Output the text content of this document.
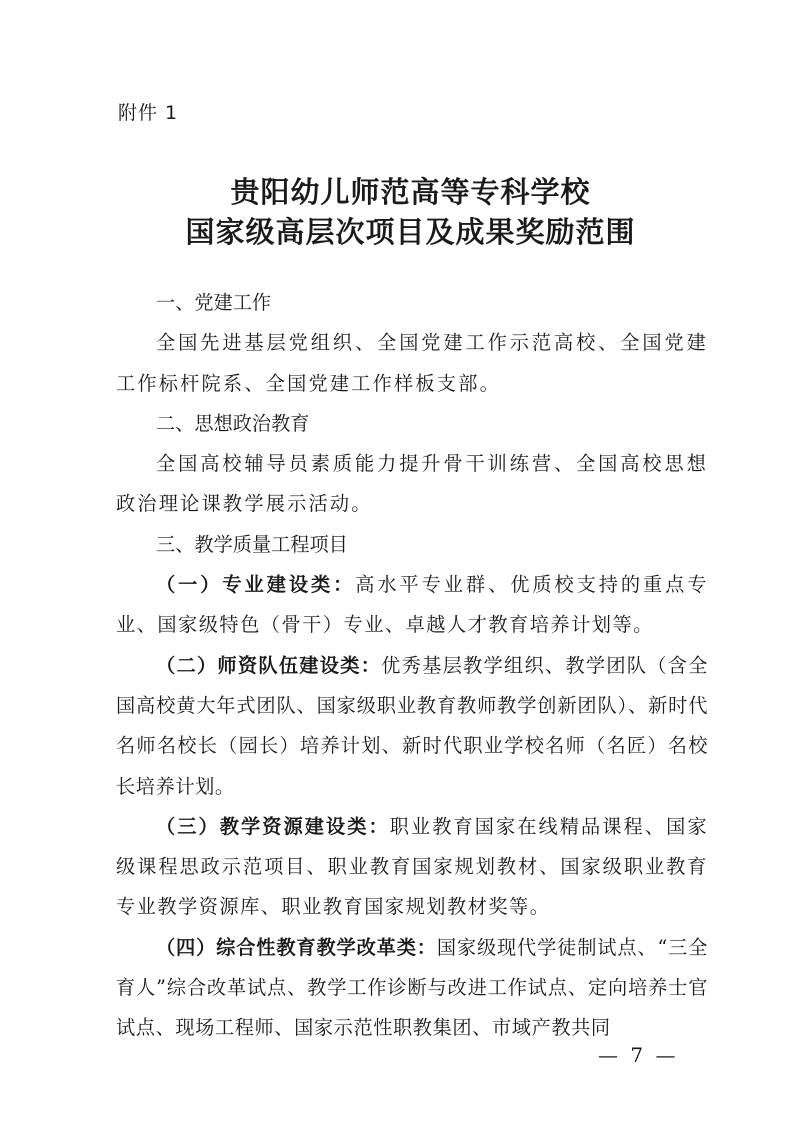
附件 1
贵阳幼儿师范高等专科学校
国家级高层次项目及成果奖励范围
一、党建工作

全国先进基层党组织、全国党建工作示范高校、全国党建工作标杆院系、全国党建工作样板支部。

二、思想政治教育

全国高校辅导员素质能力提升骨干训练营、全国高校思想政治理论课教学展示活动。

三、教学质量工程项目

（一）专业建设类：高水平专业群、优质校支持的重点专业、国家级特色（骨干）专业、卓越人才教育培养计划等。

（二）师资队伍建设类：优秀基层教学组织、教学团队（含全国高校黄大年式团队、国家级职业教育教师教学创新团队）、新时代名师名校长（园长）培养计划、新时代职业学校名师（名匠）名校长培养计划。

（三）教学资源建设类：职业教育国家在线精品课程、国家级课程思政示范项目、职业教育国家规划教材、国家级职业教育专业教学资源库、职业教育国家规划教材奖等。

（四）综合性教育教学改革类：国家级现代学徒制试点、“三全育人”综合改革试点、教学工作诊断与改进工作试点、定向培养士官试点、现场工程师、国家示范性职教集团、市域产教共同

— 7 —
